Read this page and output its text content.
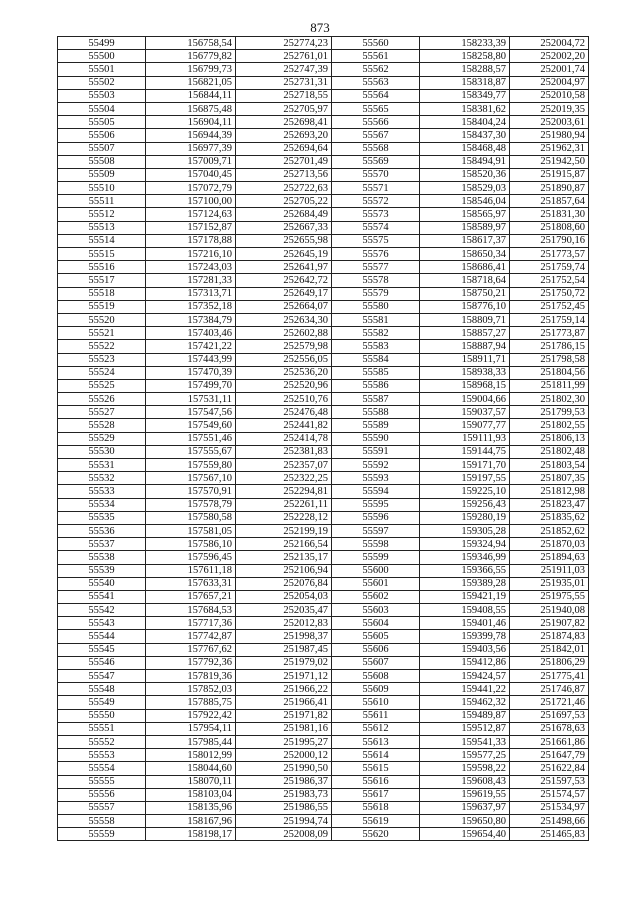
873
55499	156758,54	252774,23	55560	158233,39	252004,72
55500	156779,82	252761,01	55561	158258,80	252002,20
55501	156799,73	252747,39	55562	158288,57	252001,74
55502	156821,05	252731,31	55563	158318,87	252004,97
55503	156844,11	252718,55	55564	158349,77	252010,58
55504	156875,48	252705,97	55565	158381,62	252019,35
55505	156904,11	252698,41	55566	158404,24	252003,61
55506	156944,39	252693,20	55567	158437,30	251980,94
55507	156977,39	252694,64	55568	158468,48	251962,31
55508	157009,71	252701,49	55569	158494,91	251942,50
55509	157040,45	252713,56	55570	158520,36	251915,87
55510	157072,79	252722,63	55571	158529,03	251890,87
55511	157100,00	252705,22	55572	158546,04	251857,64
55512	157124,63	252684,49	55573	158565,97	251831,30
55513	157152,87	252667,33	55574	158589,97	251808,60
55514	157178,88	252655,98	55575	158617,37	251790,16
55515	157216,10	252645,19	55576	158650,34	251773,57
55516	157243,03	252641,97	55577	158686,41	251759,74
55517	157281,33	252642,72	55578	158718,64	251752,54
55518	157313,71	252649,17	55579	158750,21	251750,72
55519	157352,18	252664,07	55580	158776,10	251752,45
55520	157384,79	252634,30	55581	158809,71	251759,14
55521	157403,46	252602,88	55582	158857,27	251773,87
55522	157421,22	252579,98	55583	158887,94	251786,15
55523	157443,99	252556,05	55584	158911,71	251798,58
55524	157470,39	252536,20	55585	158938,33	251804,56
55525	157499,70	252520,96	55586	158968,15	251811,99
55526	157531,11	252510,76	55587	159004,66	251802,30
55527	157547,56	252476,48	55588	159037,57	251799,53
55528	157549,60	252441,82	55589	159077,77	251802,55
55529	157551,46	252414,78	55590	159111,93	251806,13
55530	157555,67	252381,83	55591	159144,75	251802,48
55531	157559,80	252357,07	55592	159171,70	251803,54
55532	157567,10	252322,25	55593	159197,55	251807,35
55533	157570,91	252294,81	55594	159225,10	251812,98
55534	157578,79	252261,11	55595	159256,43	251823,47
55535	157580,58	252228,12	55596	159280,19	251835,62
55536	157581,05	252199,19	55597	159305,28	251852,62
55537	157586,10	252166,54	55598	159324,94	251870,03
55538	157596,45	252135,17	55599	159346,99	251894,63
55539	157611,18	252106,94	55600	159366,55	251911,03
55540	157633,31	252076,84	55601	159389,28	251935,01
55541	157657,21	252054,03	55602	159421,19	251975,55
55542	157684,53	252035,47	55603	159408,55	251940,08
55543	157717,36	252012,83	55604	159401,46	251907,82
55544	157742,87	251998,37	55605	159399,78	251874,83
55545	157767,62	251987,45	55606	159403,56	251842,01
55546	157792,36	251979,02	55607	159412,86	251806,29
55547	157819,36	251971,12	55608	159424,57	251775,41
55548	157852,03	251966,22	55609	159441,22	251746,87
55549	157885,75	251966,41	55610	159462,32	251721,46
55550	157922,42	251971,82	55611	159489,87	251697,53
55551	157954,11	251981,16	55612	159512,87	251678,63
55552	157985,44	251995,27	55613	159541,33	251661,86
55553	158012,99	252000,12	55614	159577,25	251647,79
55554	158044,60	251990,50	55615	159598,22	251622,84
55555	158070,11	251986,37	55616	159608,43	251597,53
55556	158103,04	251983,73	55617	159619,55	251574,57
55557	158135,96	251986,55	55618	159637,97	251534,97
55558	158167,96	251994,74	55619	159650,80	251498,66
55559	158198,17	252008,09	55620	159654,40	251465,83
